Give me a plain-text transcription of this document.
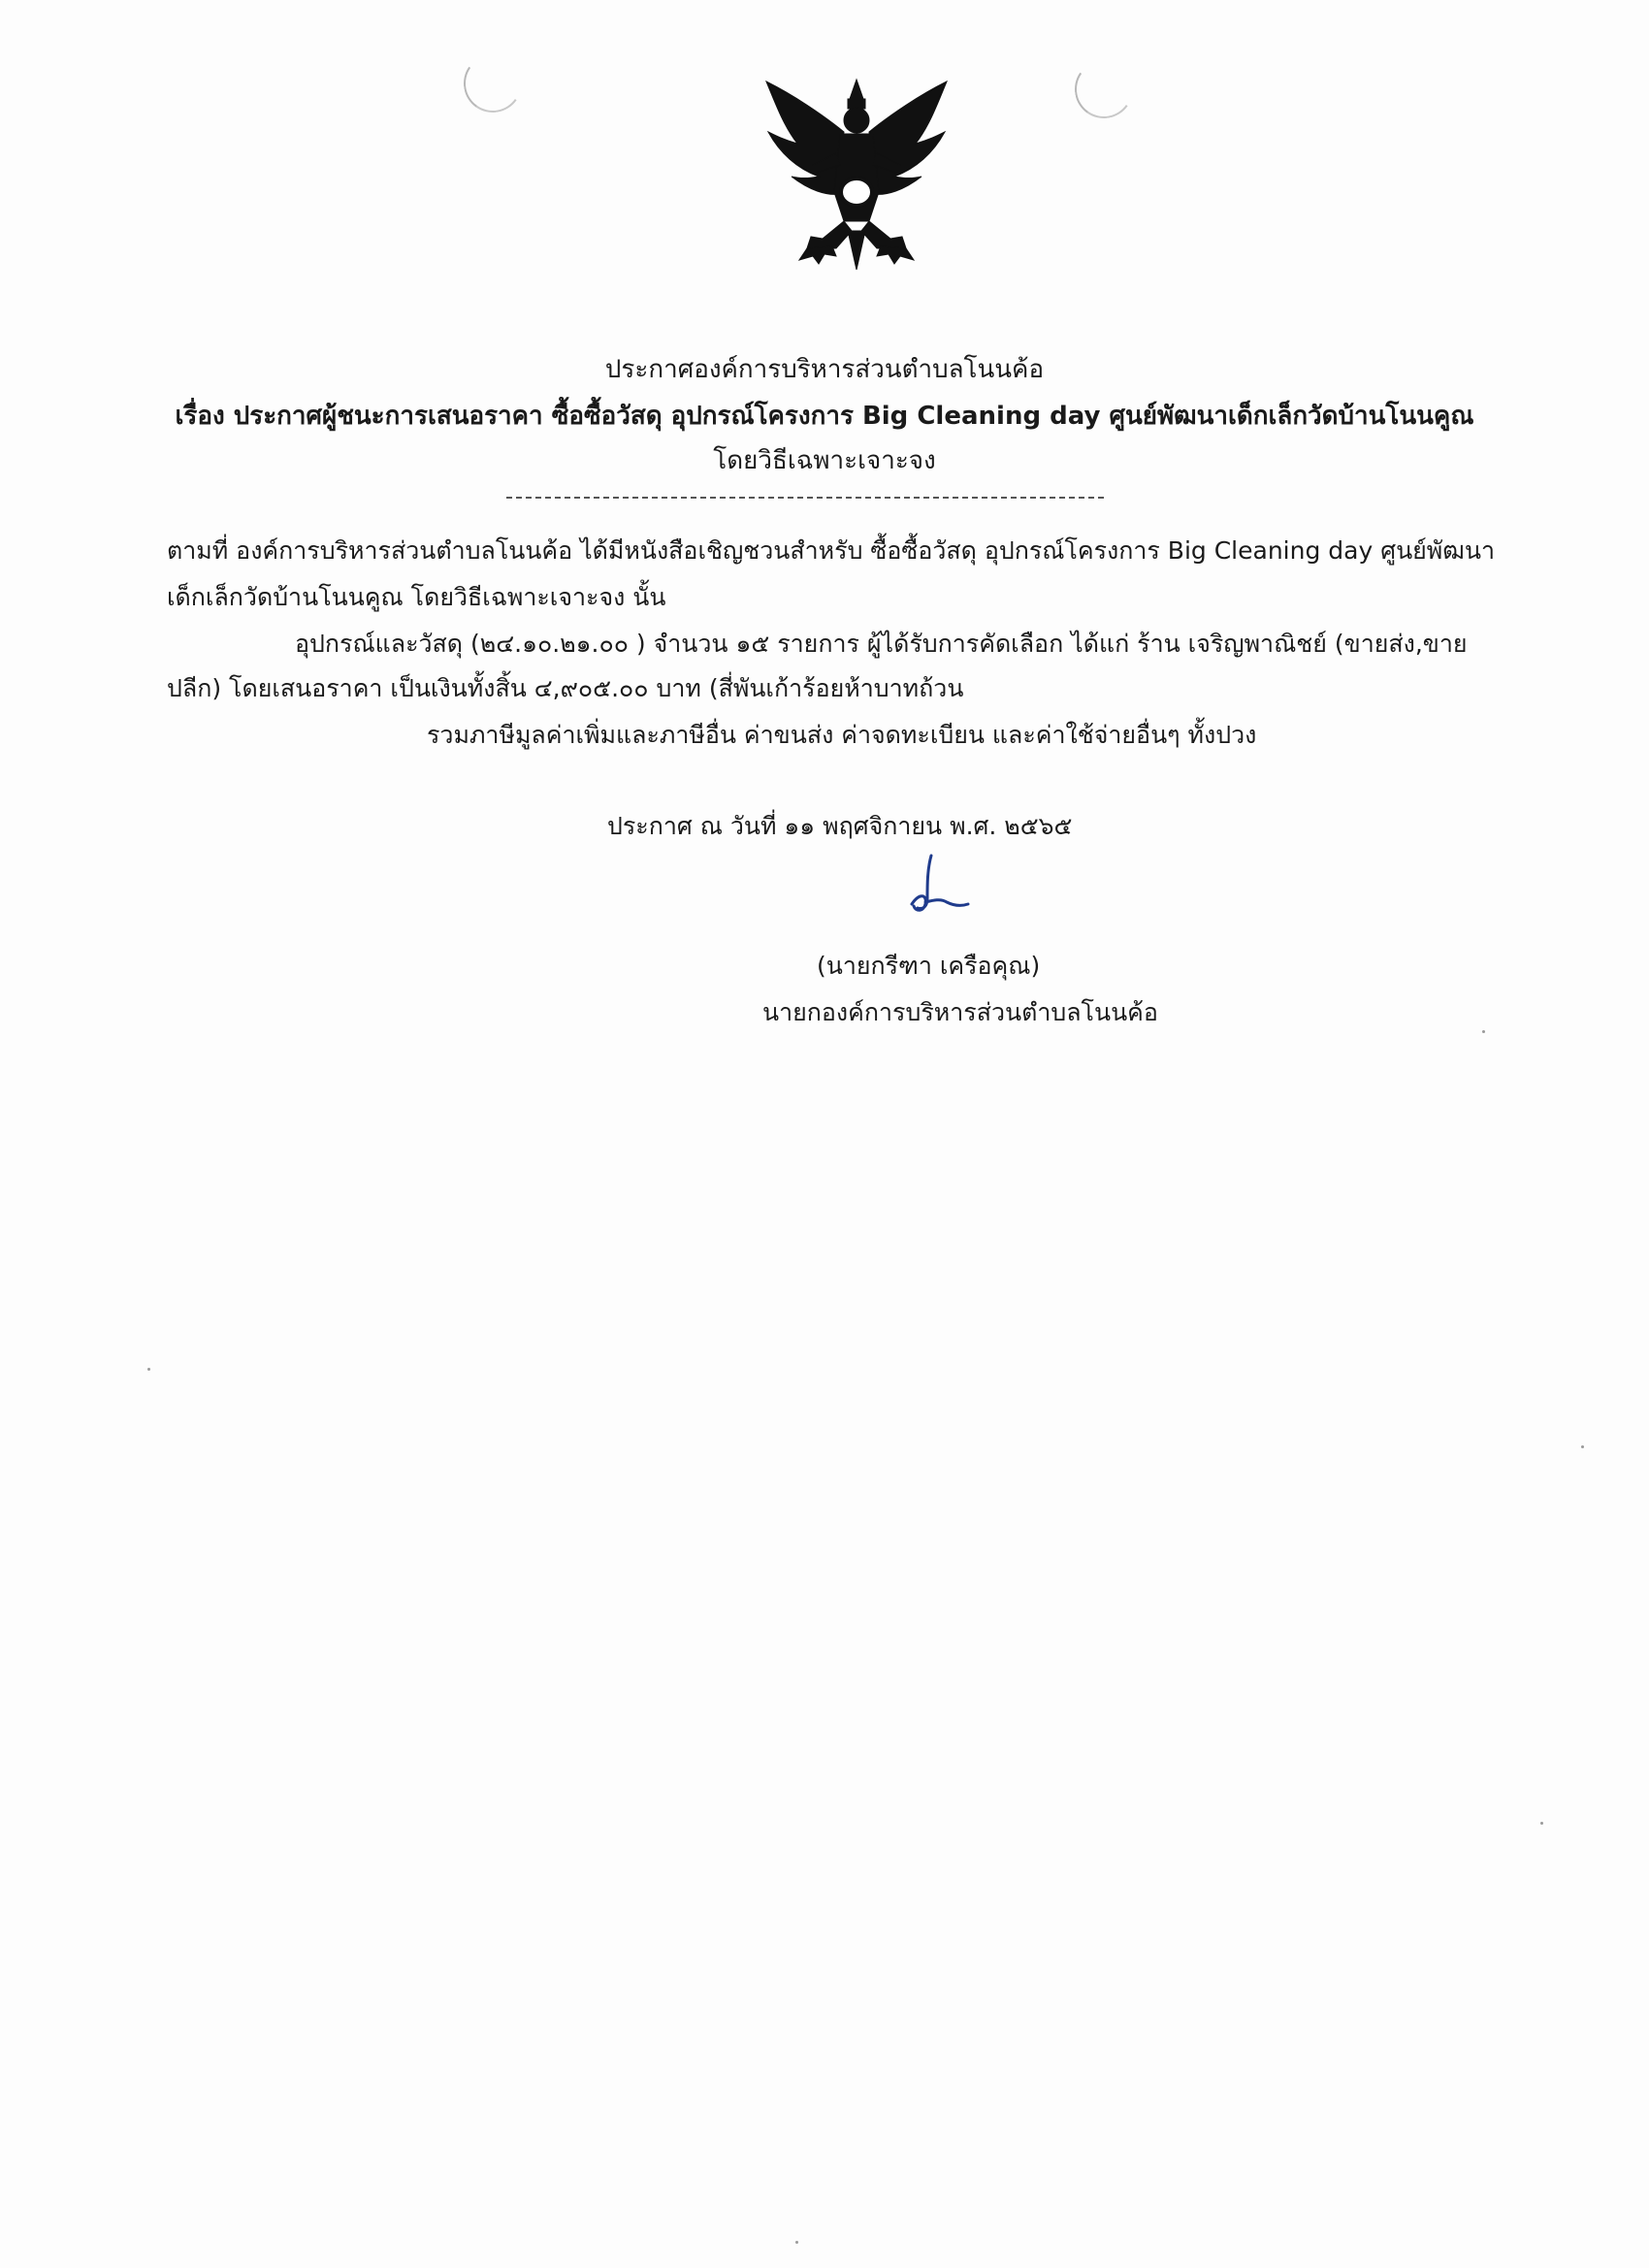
ประกาศองค์การบริหารส่วนตำบลโนนค้อ
เรื่อง ประกาศผู้ชนะการเสนอราคา ซื้อซื้อวัสดุ อุปกรณ์โครงการ Big Cleaning day ศูนย์พัฒนาเด็กเล็กวัดบ้านโนนคูณ
โดยวิธีเฉพาะเจาะจง
ตามที่ องค์การบริหารส่วนตำบลโนนค้อ ได้มีหนังสือเชิญชวนสำหรับ ซื้อซื้อวัสดุ อุปกรณ์โครงการ Big Cleaning day ศูนย์พัฒนา
เด็กเล็กวัดบ้านโนนคูณ โดยวิธีเฉพาะเจาะจง นั้น
อุปกรณ์และวัสดุ (๒๔.๑๐.๒๑.๐๐ ) จำนวน ๑๕ รายการ ผู้ได้รับการคัดเลือก ได้แก่ ร้าน เจริญพาณิชย์ (ขายส่ง,ขาย
ปลีก) โดยเสนอราคา เป็นเงินทั้งสิ้น ๔,๙๐๕.๐๐ บาท (สี่พันเก้าร้อยห้าบาทถ้วน
รวมภาษีมูลค่าเพิ่มและภาษีอื่น ค่าขนส่ง ค่าจดทะเบียน และค่าใช้จ่ายอื่นๆ ทั้งปวง
ประกาศ ณ วันที่ ๑๑ พฤศจิกายน พ.ศ. ๒๕๖๕
(นายกรีฑา เครือคุณ)
นายกองค์การบริหารส่วนตำบลโนนค้อ
